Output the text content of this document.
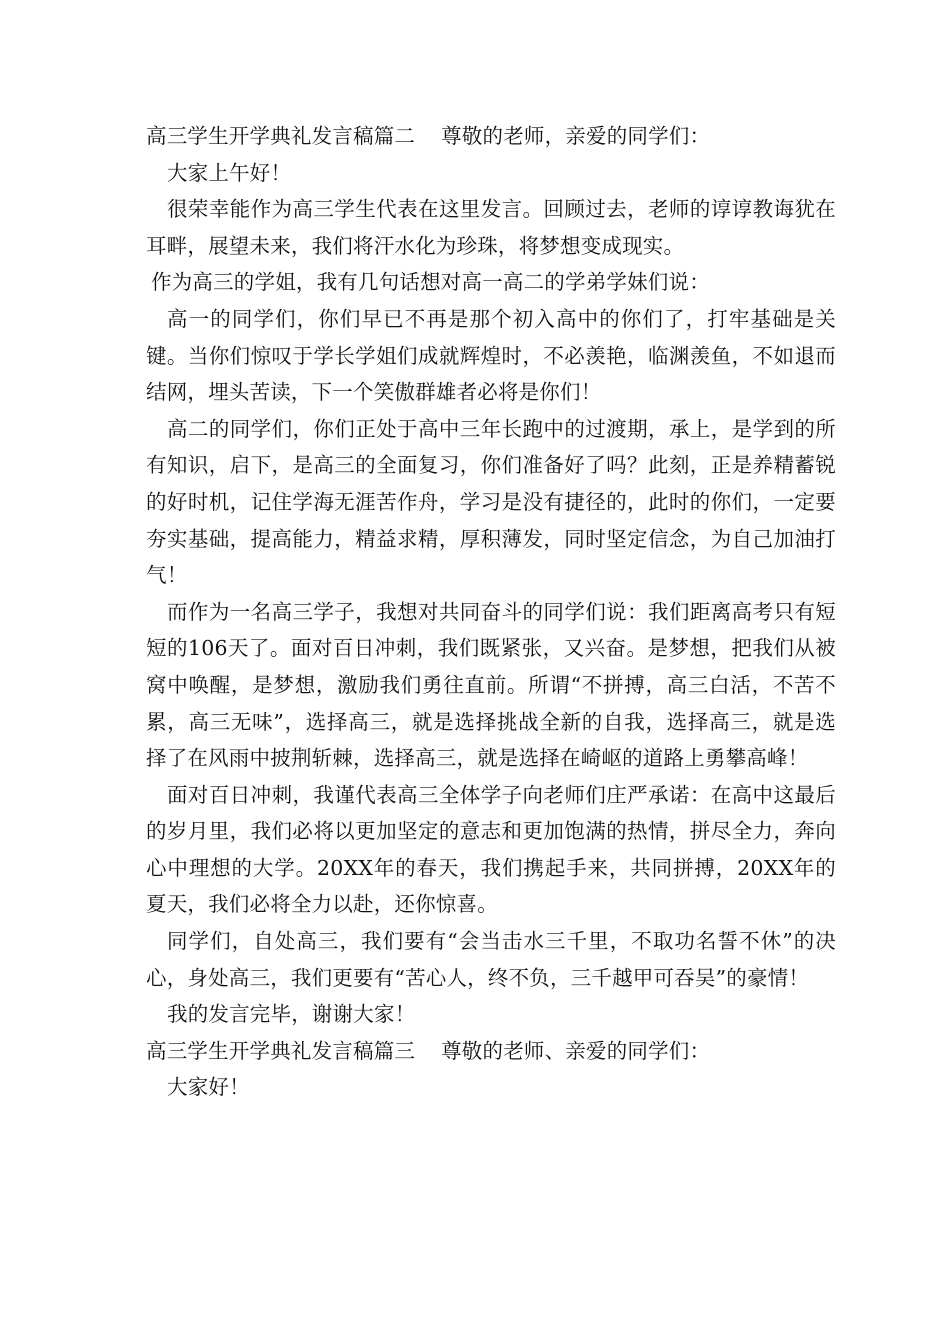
高三学生开学典礼发言稿篇二 尊敬的老师，亲爱的同学们：

大家上午好！

很荣幸能作为高三学生代表在这里发言。回顾过去，老师的谆谆教诲犹在耳畔，展望未来，我们将汗水化为珍珠，将梦想变成现实。

作为高三的学姐，我有几句话想对高一高二的学弟学妹们说：

高一的同学们，你们早已不再是那个初入高中的你们了，打牢基础是关键。当你们惊叹于学长学姐们成就辉煌时，不必羡艳，临渊羡鱼，不如退而结网，埋头苦读，下一个笑傲群雄者必将是你们！

高二的同学们，你们正处于高中三年长跑中的过渡期，承上，是学到的所有知识，启下，是高三的全面复习，你们准备好了吗？此刻，正是养精蓄锐的好时机，记住学海无涯苦作舟，学习是没有捷径的，此时的你们，一定要夯实基础，提高能力，精益求精，厚积薄发，同时坚定信念，为自己加油打气！

而作为一名高三学子，我想对共同奋斗的同学们说：我们距离高考只有短短的106天了。面对百日冲刺，我们既紧张，又兴奋。是梦想，把我们从被窝中唤醒，是梦想，激励我们勇往直前。所谓“不拼搏，高三白活，不苦不累，高三无味”，选择高三，就是选择挑战全新的自我，选择高三，就是选择了在风雨中披荆斩棘，选择高三，就是选择在崎岖的道路上勇攀高峰！

面对百日冲刺，我谨代表高三全体学子向老师们庄严承诺：在高中这最后的岁月里，我们必将以更加坚定的意志和更加饱满的热情，拼尽全力，奔向心中理想的大学。20XX年的春天，我们携起手来，共同拼搏，20XX年的夏天，我们必将全力以赴，还你惊喜。

同学们，自处高三，我们要有“会当击水三千里，不取功名誓不休”的决心，身处高三，我们更要有“苦心人，终不负，三千越甲可吞吴”的豪情！

我的发言完毕，谢谢大家！

高三学生开学典礼发言稿篇三 尊敬的老师、亲爱的同学们：

大家好！
